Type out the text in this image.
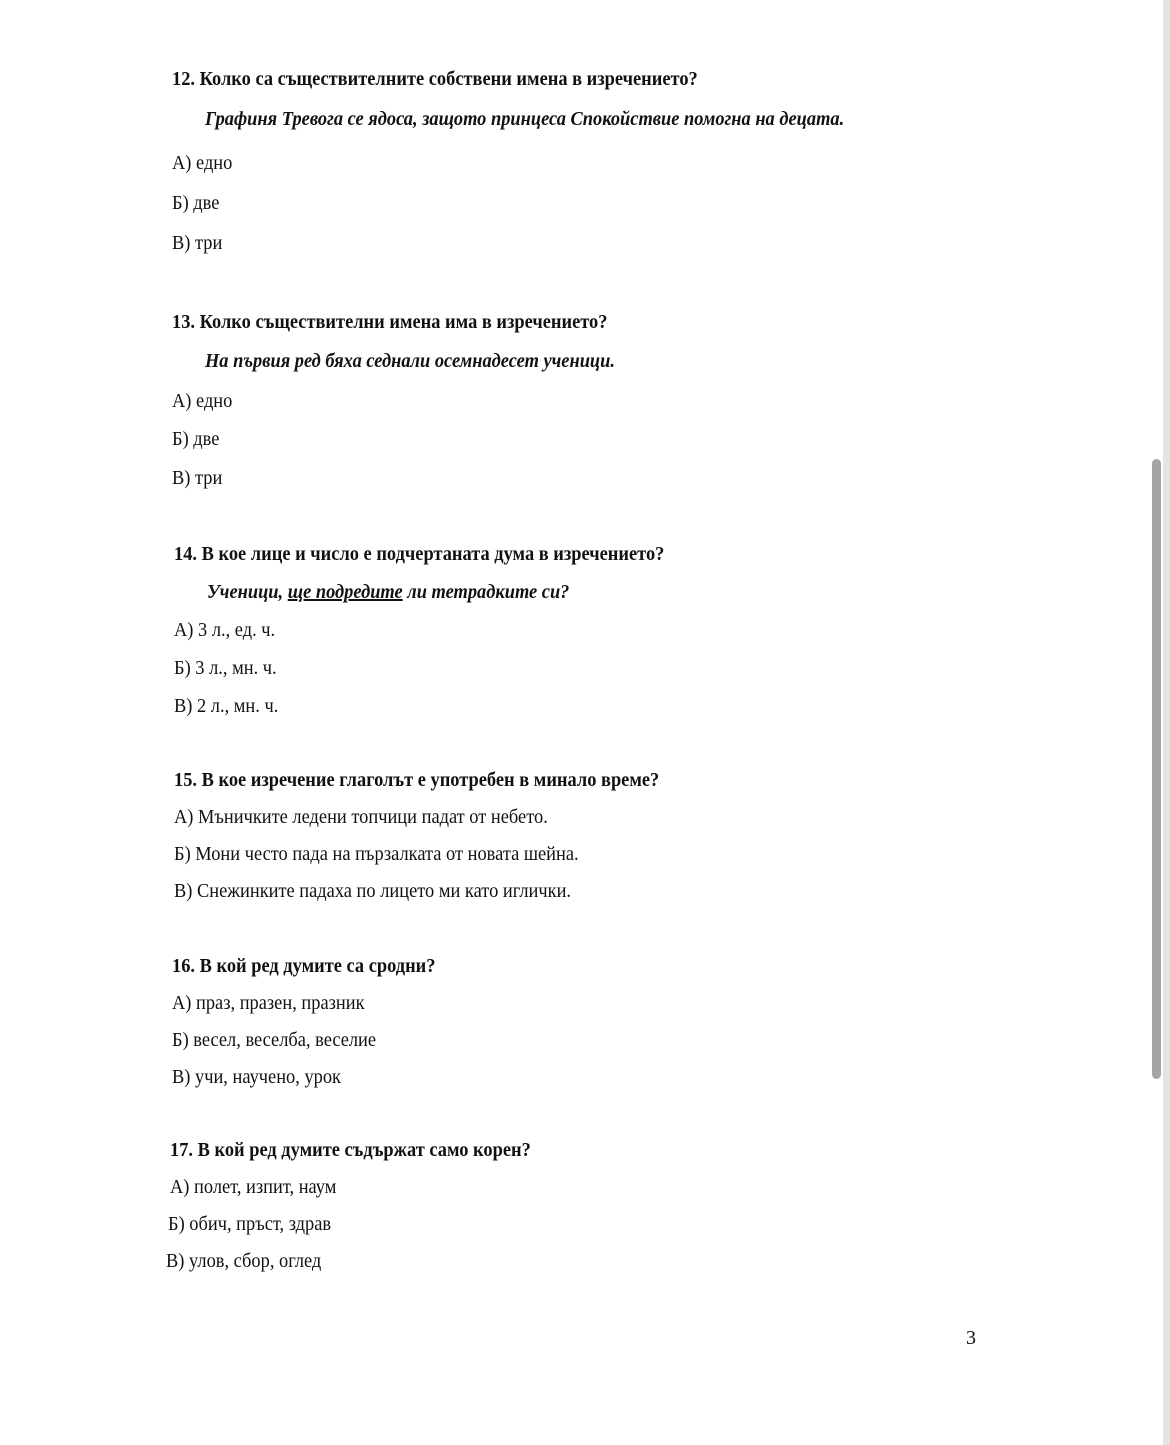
12. Колко са съществителните собствени имена в изречението?
Графиня Тревога се ядоса, защото принцеса Спокойствие помогна на децата.
А) едно
Б) две
В) три
13. Колко съществителни имена има в изречението?
На първия ред бяха седнали осемнадесет ученици.
А) едно
Б) две
В) три
14. В кое лице и число е подчертаната дума в изречението?
Ученици, ще подредите ли тетрадките си?
А) 3 л., ед. ч.
Б) 3 л., мн. ч.
В) 2 л., мн. ч.
15. В кое изречение глаголът е употребен в минало време?
А) Мъничките ледени топчици падат от небето.
Б) Мони често пада на пързалката от новата шейна.
В) Снежинките падаха по лицето ми като иглички.
16. В кой ред думите са сродни?
А) праз, празен, празник
Б) весел, веселба, веселие
В) учи, научено, урок
17. В кой ред думите съдържат само корен?
А) полет, изпит, наум
Б) обич, пръст, здрав
В) улов, сбор, оглед
3
